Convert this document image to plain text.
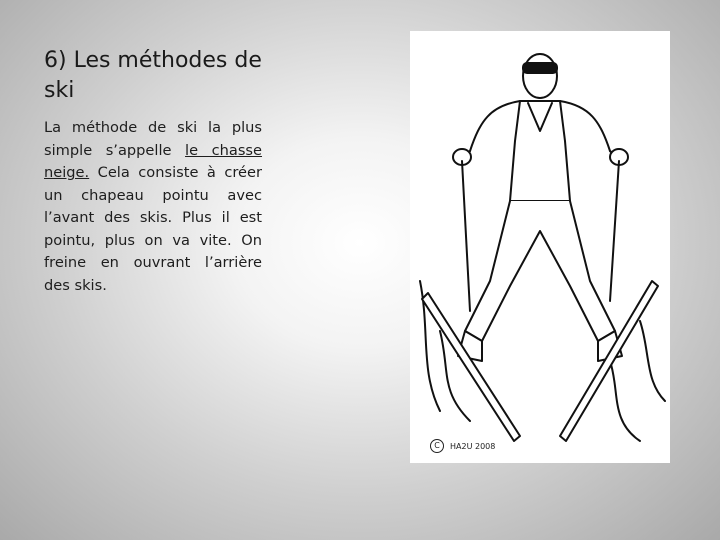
6) Les méthodes de ski

La méthode de ski la plus simple s’appelle le chasse neige. Cela consiste à créer un chapeau pointu avec l’avant des skis. Plus il est pointu, plus on va vite. On freine en ouvrant l’arrière des skis.

C	HA2U 2008
